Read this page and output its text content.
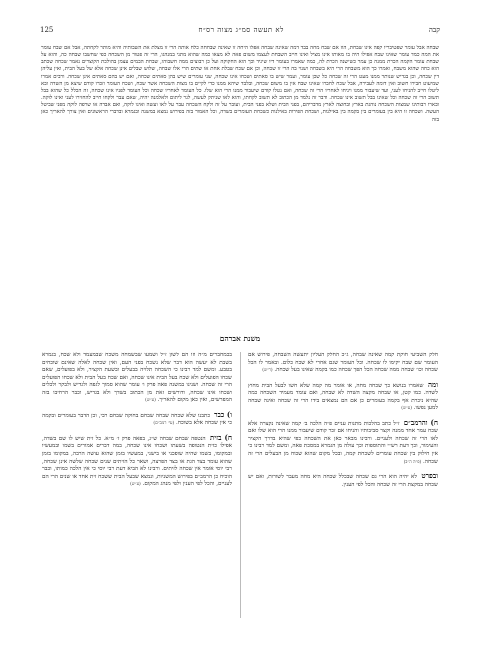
125	לא תעשה סמ״ג מצוה רס״ח	קבה
שבחה אבל עומר שפטיבריו קפה איגו שבחת, הוז אם שבח מחה בבד דמה שאינה שבחה אפלו היחה זו שאינה שבחחה כלח אותה הרי זו מצלת את השבותיה והיא מותר לקחתה, אבל אם שבח עומר את המה כמד עומר שאינו שבח אפילו היה בו מאותו אינו מציל ואינו חייב השבחת לעצמו משום פאה לא מצאו כמה שהוא מתני במנהגו, הרי זה פטור מן השכחה כפי שחשבו שבחה כה, והוא על שבחת עומר הקמה הכרת ממנה כן עמר כשישנה הכרת לה, כמה שאמרו בעומר דיו שיגיד וכך הוא החקוקה ועל כן רבוצים ממה חשבוהו, שבחת הבמים עצמן בהולכת הקוצרים נאמר שכחה שכתב הוא כחה שהוא משבח, ואמרו כך הוא משבחה הרי היא בשבחה ושנוי בה הרי זו שכחה, וכן אם שכח שבלת אחת או שתים הרי אלו שבחה, שלוש שבלים אינן שכחה אלא של בעל הבית, ואין עליהן דין שכחה, וכן בגדיש שנותר ממנו מעט הרי זה שכחה כל שכן עומר, ועמר שיש בו סאתים ושכחו אינו שכחה, שני עומרים שיש בהן סאתים שכחה, ואם יש בהם סאתים אינן שכחה. ורבים אמרו שמיעוט חבירו חשוב ואין דומה לעבירה, אבל שכח לחברו שאינו שבח אין בו משום שכחה, ובלבד שיהא ממנו כדי לקיים בו מצות השכחה אשר שכח, ושכח העומר וזכרו קודם שיצא מן השדה ובא ליטלו חייב להניחו לעני, ועד שיעבור ממנו ויניחו לאחריו הרי זה שכחה, ואם נטלו קודם שיעבור ממנו הרי הוא שלו. כל העומד לאחריו שכחה וכל העומד לפניו אינו שכחה, זה הכלל כל שהוא בבל תשוב הרי זה שכחה וכל שאינו בבל תשוב אינו שכחה. ודבר זה נלמד מן הכתוב לא תשוב לקחתו, והוא לאו שניתק לעשה, לגר ליתום ולאלמנה יהיה, שאם עבר ולקחו חייב להחזירו לעני ואינו לוקה. ובארו רבותינו שמצות השכחה נוהגת בארץ ובחוצה לארץ מדבריהם, בפני הבית ושלא בפני הבית, ועובר על זה ולקח השכחה עבר על לאו ועשה ואינו לוקה, ואם אבדה או שרפה לוקה מפני שביטל העשה. ושכחה זו היא בין בעומרים בין בקמה בין באילנות, ושכחת הפירות באילנות כשכחת העומרים בשדה, וכל האמור בזה בפירוש נמצא במשנה ובגמרא ובדברי הראשונים ואין צורך להאריך כאן בזה
משנת אברהם

חלק השביעי חוקת קמה שאינה שבחה, ג״כ החלק העליון יתעשה השבחה, פירוש אם העומר שם שבח יקימו לו שכחה. וכל העומר שגם אחרי לא שכח כלום. ובאמר לו הכל שכחה וכו׳ שבחה ממה שכחה הכל הפך שכחה כמו בקמה שאינו בעל שכחה. (ר״ש)

ומה שאמרו בנושא כך שכחה מחה, או אומר מה קמה שלא חשו לבעל הבית מחוץ לשדה. כמו קטן, או שבחה מקצה השדה לא שבחה, ואם עומד מעמיד השכחה כמה שהיא ניכרת אף בקמה בעומרים כן אם הם נמצאים בידו הרי זה שכחה ואינה שבחה למען נפשו. (ע״ש)

ח) והרמב״ם ז״ל כתב בהלכות מתנות עניים פ״ה הלכה ב׳ קמה שאינה נקצרה אלא שכח עמר אחד ממנה וקצר סביבותיו והניחו אם זכר קודם שיעבור ממנו הרי הוא שלו ואם לאו הרי זה שכחה ולעניים. ורבינו מבאר כאן את השכחה כפי שהיא בדרך הקציר והעימור, וכך דעת רש״י והתוספות וכך עולה מן הגמרא במסכת פאה, ומשם למד רבינו כי אין חילוק בין שכחת עומרים לשכחת קמה, ובכל מקום שהוא שכוח מן הבעלים הרי זה שכחה. (פ״ה ה״ב)

ובפרט לא יהיה הוא הרי גם שכחה שבכלל שכחה היא מחה מעבר לשורות, ואם יש שכחה במקצת הרי זה שכחה והכל לפי הענין.

בכמחברים מ״ה וזו הם לשון ז״ל ושמעו שבשמחה משכח שבמעמד ולא שכח, בגמרא בשבת לא יעשה הוא דבר שלא נשכח בפני העם, ואין שכחה לאלה שאינם שוכחים בטבע. ומשם למד רבינו כי השכחה תלויה בבעלים ובשעת הקציר, ולא בפועלים, שאם שכחו הפועלים ולא שכח בעל הבית אינו שכחה, ואם שכח בעל הבית ולא שכחו הפועלים הרי זה שכחה. ושנינו במשנה פאה פרק ו׳ עומר שהוא סמוך לגפה ולגדיש ולבקר ולכלים ושכחו אינו שכחה, ודורשים זאת מן הכתוב בשדך ולא בגדיש, וכבר הרחיבו בזה המפרשים, ואין כאן מקום להאריך. (ע״ש)

ו) כבר כתבנו שלא שכחה שבחה שבחם בחוקה שבחם רבי, וכן הדבר בעומרים ובקמה כי אין שכחה אלא בשוכח. (עי׳ רמב״ם)

ח) בזית הנטפה שבחם שבחה ש״ג, בפאה פרק ז׳ מ״א. כל זית שיש לו שם בשדה, אפילו כזית הנטופה בשעתו ושכחו אינו שכחה, במה דברים אמורים בשמו ובמעשיו ובמקומו, בשמו שהיה שופכני או בישני, במעשיו בזמן שהוא עושה הרבה, במקומו בזמן שהוא עומד בצד הגת או בצד הפרצה, ושאר כל הזיתים שנים שכחה שלשה אינן שכחה, רבי יוסי אומר אין שכחה לזיתים. ורבינו לא הביא דעת רבי יוסי כי אין הלכה כמותו, וכבר הוכיח כן הרמב״ם בפירוש המשניות, ונמצא שבעל הבית ששכח זית אחד או שנים הרי הם לעניים, והכל לפי הענין ולפי מנהג המקום. (ע״ש)
